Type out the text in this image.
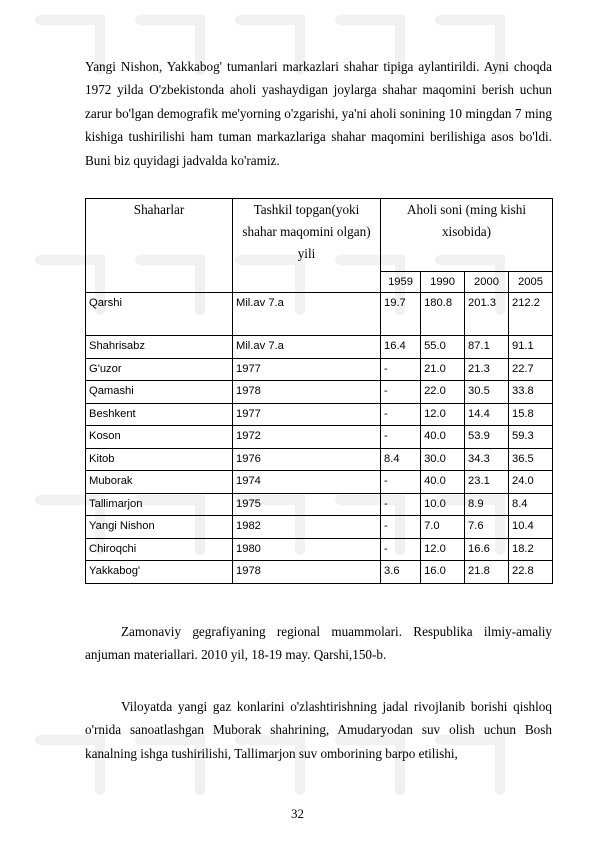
Yangi Nishon, Yakkabog' tumanlari markazlari shahar tipiga aylantirildi. Ayni choqda 1972 yilda O'zbekistonda aholi yashaydigan joylarga shahar maqomini berish uchun zarur bo'lgan demografik me'yorning o'zgarishi, ya'ni aholi sonining 10 mingdan 7 ming kishiga tushirilishi ham tuman markazlariga shahar maqomini berilishiga asos bo'ldi. Buni biz quyidagi jadvalda ko'ramiz.

Shaharlar	Tashkil topgan(yoki shahar maqomini olgan) yili	Aholi soni (ming kishi xisobida)			
		1959	1990	2000	2005
Qarshi	Mil.av 7.a	19.7	180.8	201.3	212.2
Shahrisabz	Mil.av 7.a	16.4	55.0	87.1	91.1
G'uzor	1977	-	21.0	21.3	22.7
Qamashi	1978	-	22.0	30.5	33.8
Beshkent	1977	-	12.0	14.4	15.8
Koson	1972	-	40.0	53.9	59.3
Kitob	1976	8.4	30.0	34.3	36.5
Muborak	1974	-	40.0	23.1	24.0
Tallimarjon	1975	-	10.0	8.9	8.4
Yangi Nishon	1982	-	7.0	7.6	10.4
Chiroqchi	1980	-	12.0	16.6	18.2
Yakkabog'	1978	3.6	16.0	21.8	22.8

Zamonaviy gegrafiyaning regional muammolari. Respublika ilmiy-amaliy anjuman materiallari. 2010 yil, 18-19 may. Qarshi,150-b.

Viloyatda yangi gaz konlarini o'zlashtirishning jadal rivojlanib borishi qishloq o'rnida sanoatlashgan Muborak shahrining, Amudaryodan suv olish uchun Bosh kanalning ishga tushirilishi, Tallimarjon suv omborining barpo etilishi,

32
